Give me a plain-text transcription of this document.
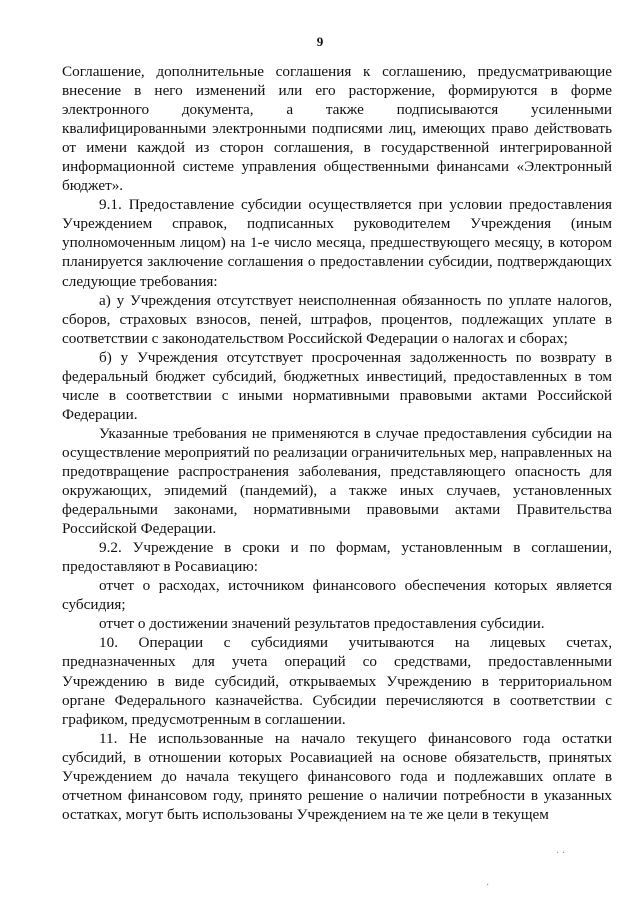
9

Соглашение, дополнительные соглашения к соглашению, предусматривающие внесение в него изменений или его расторжение, формируются в форме электронного документа, а также подписываются усиленными квалифицированными электронными подписями лиц, имеющих право действовать от имени каждой из сторон соглашения, в государственной интегрированной информационной системе управления общественными финансами «Электронный бюджет».

9.1. Предоставление субсидии осуществляется при условии предоставления Учреждением справок, подписанных руководителем Учреждения (иным уполномоченным лицом) на 1-е число месяца, предшествующего месяцу, в котором планируется заключение соглашения о предоставлении субсидии, подтверждающих следующие требования:

а) у Учреждения отсутствует неисполненная обязанность по уплате налогов, сборов, страховых взносов, пеней, штрафов, процентов, подлежащих уплате в соответствии с законодательством Российской Федерации о налогах и сборах;

б) у Учреждения отсутствует просроченная задолженность по возврату в федеральный бюджет субсидий, бюджетных инвестиций, предоставленных в том числе в соответствии с иными нормативными правовыми актами Российской Федерации.

Указанные требования не применяются в случае предоставления субсидии на осуществление мероприятий по реализации ограничительных мер, направленных на предотвращение распространения заболевания, представляющего опасность для окружающих, эпидемий (пандемий), а также иных случаев, установленных федеральными законами, нормативными правовыми актами Правительства Российской Федерации.

9.2. Учреждение в сроки и по формам, установленным в соглашении, предоставляют в Росавиацию:

отчет о расходах, источником финансового обеспечения которых является субсидия;

отчет о достижении значений результатов предоставления субсидии.

10. Операции с субсидиями учитываются на лицевых счетах, предназначенных для учета операций со средствами, предоставленными Учреждению в виде субсидий, открываемых Учреждению в территориальном органе Федерального казначейства. Субсидии перечисляются в соответствии с графиком, предусмотренным в соглашении.

11. Не использованные на начало текущего финансового года остатки субсидий, в отношении которых Росавиацией на основе обязательств, принятых Учреждением до начала текущего финансового года и подлежавших оплате в отчетном финансовом году, принято решение о наличии потребности в указанных остатках, могут быть использованы Учреждением на те же цели в текущем

· ·
·
